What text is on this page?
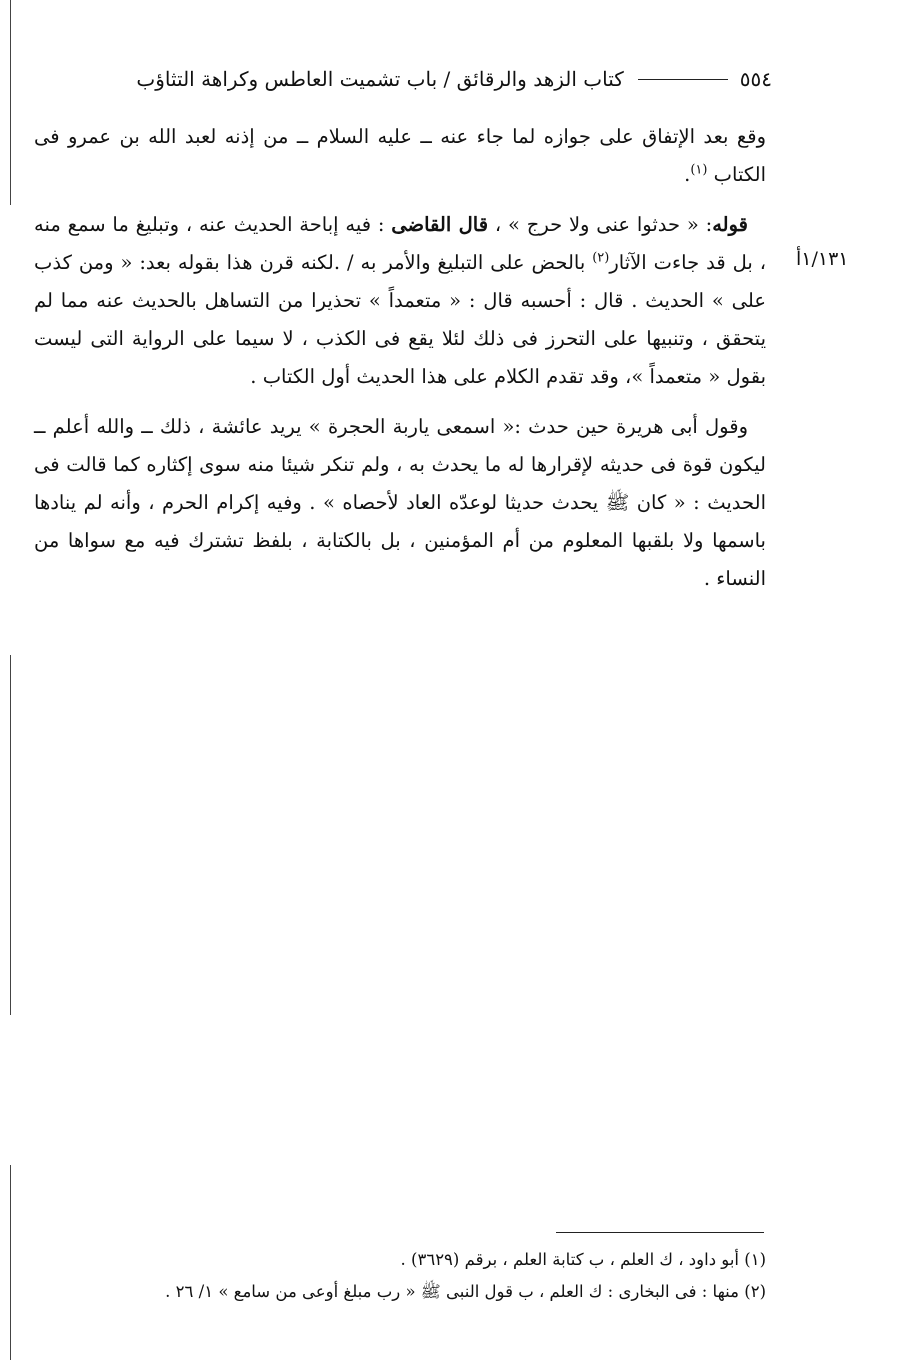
٥٥٤
كتاب الزهد والرقائق / باب تشميت العاطس وكراهة التثاؤب
١/١٣١أ

وقع بعد الإتفاق على جوازه لما جاء عنه ــ عليه السلام ــ من إذنه لعبد الله بن عمرو فى الكتاب $^{(١)}$.

قوله: « حدثوا عنى ولا حرج » ، قال القاضى : فيه إباحة الحديث عنه ، وتبليغ ما سمع منه ، بل قد جاءت الآثار$^{(٢)}$ بالحض على التبليغ والأمر به / .لكنه قرن هذا بقوله بعد: « ومن كذب على » الحديث . قال : أحسبه قال : « متعمداً » تحذيرا من التساهل بالحديث عنه مما لم يتحقق ، وتنبيها على التحرز فى ذلك لئلا يقع فى الكذب ، لا سيما على الرواية التى ليست بقول « متعمداً »، وقد تقدم الكلام على هذا الحديث أول الكتاب .

وقول أبى هريرة حين حدث :« اسمعى ياربة الحجرة » يريد عائشة ، ذلك ــ والله أعلم ــ ليكون قوة فى حديثه لإقرارها له ما يحدث به ، ولم تنكر شيئا منه سوى إكثاره كما قالت فى الحديث : « كان ﷺ يحدث حديثا لوعدّه العاد لأحصاه » . وفيه إكرام الحرم ، وأنه لم ينادها باسمها ولا بلقبها المعلوم من أم المؤمنين ، بل بالكتابة ، بلفظ تشترك فيه مع سواها من النساء .

(١) أبو داود ، ك العلم ، ب كتابة العلم ، برقم (٣٦٢٩) .
(٢) منها : فى البخارى : ك العلم ، ب قول النبى ﷺ « رب مبلغ أوعى من سامع » ١/ ٢٦ .
